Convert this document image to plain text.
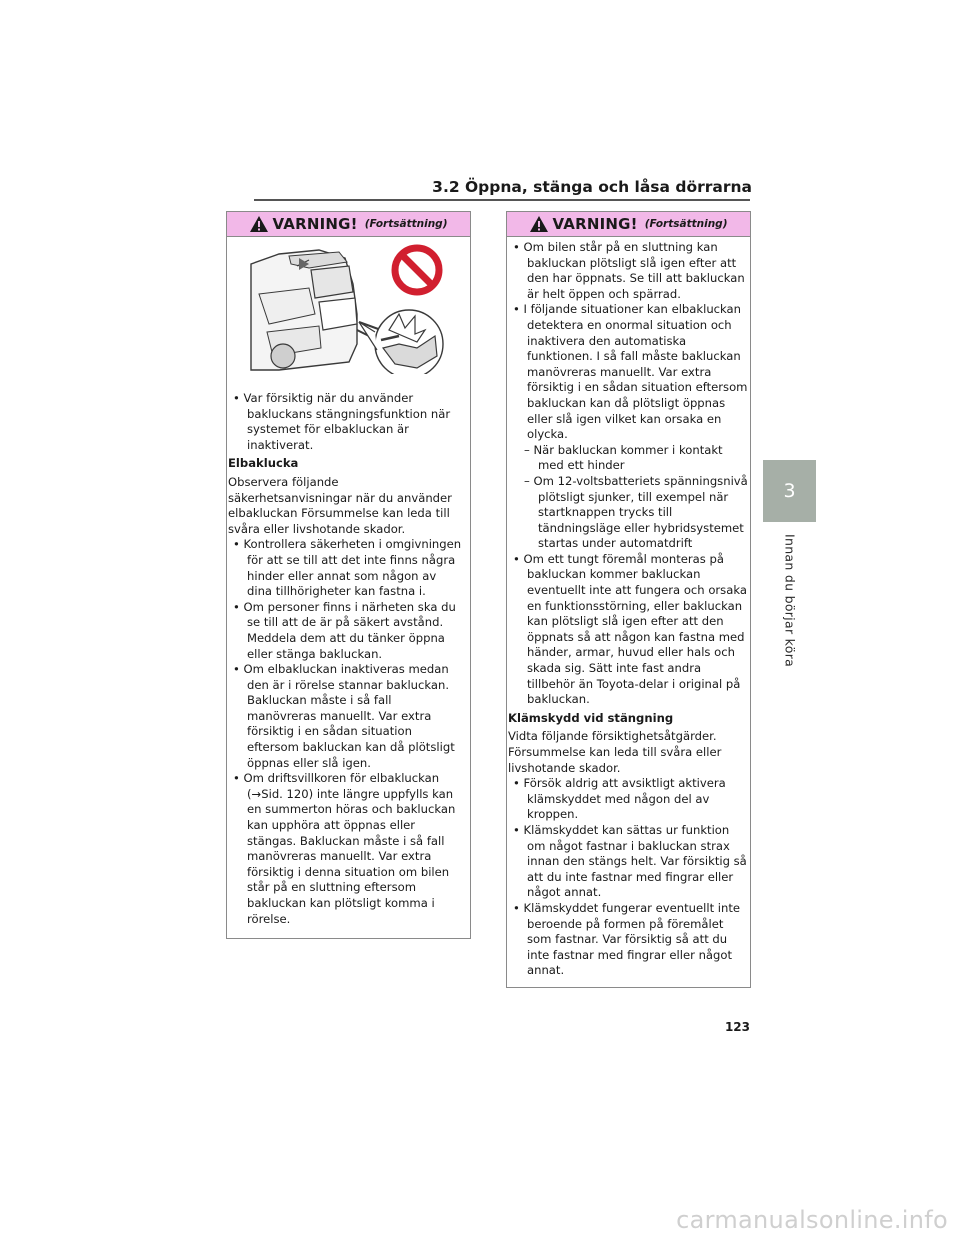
3.2 Öppna, stänga och låsa dörrarna
3
Innan du börjar köra
VARNING! (Fortsättning)

• Var försiktig när du använder bakluckans stängningsfunktion när systemet för elbakluckan är inaktiverat.

Elbaklucka

Observera följande säkerhetsanvisningar när du använder elbakluckan Försummelse kan leda till svåra eller livshotande skador.

• Kontrollera säkerheten i omgivningen för att se till att det inte finns några hinder eller annat som någon av dina tillhörigheter kan fastna i.

• Om personer finns i närheten ska du se till att de är på säkert avstånd. Meddela dem att du tänker öppna eller stänga bakluckan.

• Om elbakluckan inaktiveras medan den är i rörelse stannar bakluckan. Bakluckan måste i så fall manövreras manuellt. Var extra försiktig i en sådan situation eftersom bakluckan kan då plötsligt öppnas eller slå igen.

• Om driftsvillkoren för elbakluckan (→Sid. 120) inte längre uppfylls kan en summerton höras och bakluckan kan upphöra att öppnas eller stängas. Bakluckan måste i så fall manövreras manuellt. Var extra försiktig i denna situation om bilen står på en sluttning eftersom bakluckan kan plötsligt komma i rörelse.

VARNING! (Fortsättning)

• Om bilen står på en sluttning kan bakluckan plötsligt slå igen efter att den har öppnats. Se till att bakluckan är helt öppen och spärrad.

• I följande situationer kan elbakluckan detektera en onormal situation och inaktivera den automatiska funktionen. I så fall måste bakluckan manövreras manuellt. Var extra försiktig i en sådan situation eftersom bakluckan kan då plötsligt öppnas eller slå igen vilket kan orsaka en olycka.

– När bakluckan kommer i kontakt med ett hinder

– Om 12-voltsbatteriets spänningsnivå plötsligt sjunker, till exempel när startknappen trycks till tändningsläge eller hybridsystemet startas under automatdrift

• Om ett tungt föremål monteras på bakluckan kommer bakluckan eventuellt inte att fungera och orsaka en funktionsstörning, eller bakluckan kan plötsligt slå igen efter att den öppnats så att någon kan fastna med händer, armar, huvud eller hals och skada sig. Sätt inte fast andra tillbehör än Toyota-delar i original på bakluckan.

Klämskydd vid stängning

Vidta följande försiktighetsåtgärder. Försummelse kan leda till svåra eller livshotande skador.

• Försök aldrig att avsiktligt aktivera klämskyddet med någon del av kroppen.

• Klämskyddet kan sättas ur funktion om något fastnar i bakluckan strax innan den stängs helt. Var försiktig så att du inte fastnar med fingrar eller något annat.

• Klämskyddet fungerar eventuellt inte beroende på formen på föremålet som fastnar. Var försiktig så att du inte fastnar med fingrar eller något annat.

123
carmanualsonline.info
